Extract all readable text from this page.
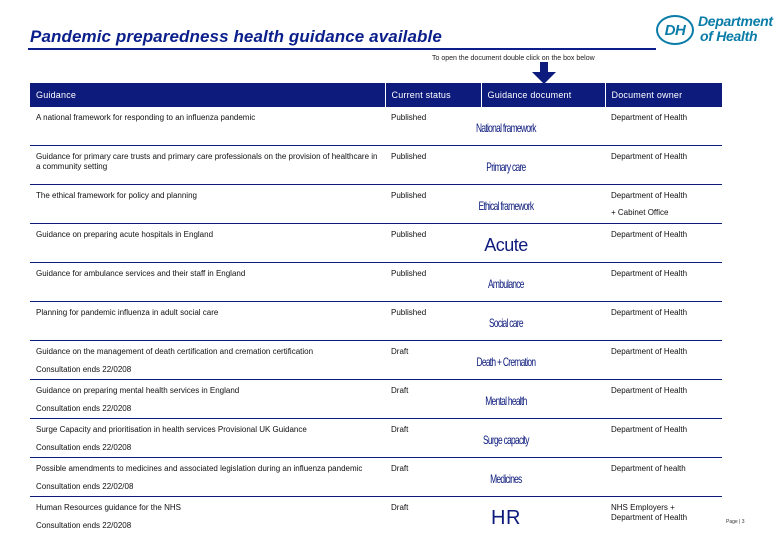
Pandemic preparedness health guidance available	DH
Department
of Health
To open the document double click on the box below
Guidance	Current status	Guidance document	Document owner

A national framework for responding to an influenza pandemic	Published	National framework	Department of Health

Guidance for primary care trusts and primary care professionals on the provision of healthcare in a community setting	Published	Primary care	Department of Health

The ethical framework for policy and planning	Published	Ethical framework	Department of Health
+ Cabinet Office

Guidance on preparing acute hospitals in England	Published	Acute	Department of Health

Guidance for ambulance services and their staff in England	Published	Ambulance	Department of Health

Planning for pandemic influenza in adult social care	Published	Social care	Department of Health

Guidance on the management of death certification and cremation certification
Consultation ends 22/0208	Draft	Death + Cremation	Department of Health

Guidance on preparing mental health services in England
Consultation ends 22/0208	Draft	Mental health	Department of Health

Surge Capacity and prioritisation in health services Provisional UK Guidance
Consultation ends 22/0208	Draft	Surge capacity	Department of Health

Possible amendments to medicines and associated legislation during an influenza pandemic
Consultation ends 22/02/08	Draft	Medicines	Department of health

Human Resources guidance for the NHS
Consultation ends 22/0208	Draft	HR	NHS Employers + Department of Health	Page | 3
